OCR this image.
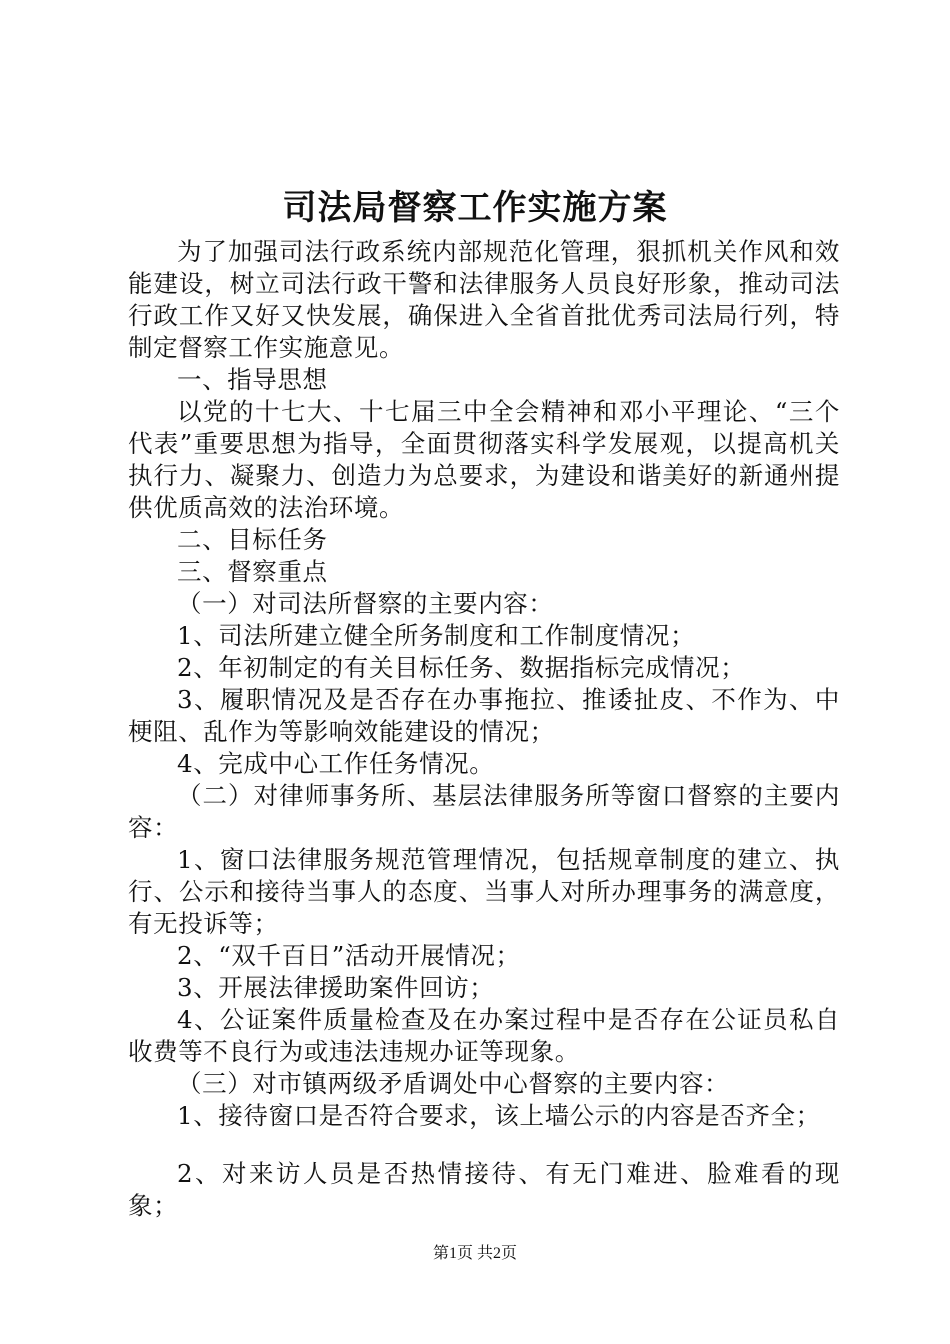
司法局督察工作实施方案

为了加强司法行政系统内部规范化管理，狠抓机关作风和效能建设，树立司法行政干警和法律服务人员良好形象，推动司法行政工作又好又快发展，确保进入全省首批优秀司法局行列，特制定督察工作实施意见。

一、指导思想

以党的十七大、十七届三中全会精神和邓小平理论、“三个代表”重要思想为指导，全面贯彻落实科学发展观，以提高机关执行力、凝聚力、创造力为总要求，为建设和谐美好的新通州提供优质高效的法治环境。

二、目标任务

三、督察重点

（一）对司法所督察的主要内容：

1、司法所建立健全所务制度和工作制度情况；

2、年初制定的有关目标任务、数据指标完成情况；

3、履职情况及是否存在办事拖拉、推诿扯皮、不作为、中梗阻、乱作为等影响效能建设的情况；

4、完成中心工作任务情况。

（二）对律师事务所、基层法律服务所等窗口督察的主要内容：

1、窗口法律服务规范管理情况，包括规章制度的建立、执行、公示和接待当事人的态度、当事人对所办理事务的满意度，有无投诉等；

2、“双千百日”活动开展情况；

3、开展法律援助案件回访；

4、公证案件质量检查及在办案过程中是否存在公证员私自收费等不良行为或违法违规办证等现象。

（三）对市镇两级矛盾调处中心督察的主要内容：

1、接待窗口是否符合要求，该上墙公示的内容是否齐全；

2、对来访人员是否热情接待、有无门难进、脸难看的现象；

第1页 共2页
